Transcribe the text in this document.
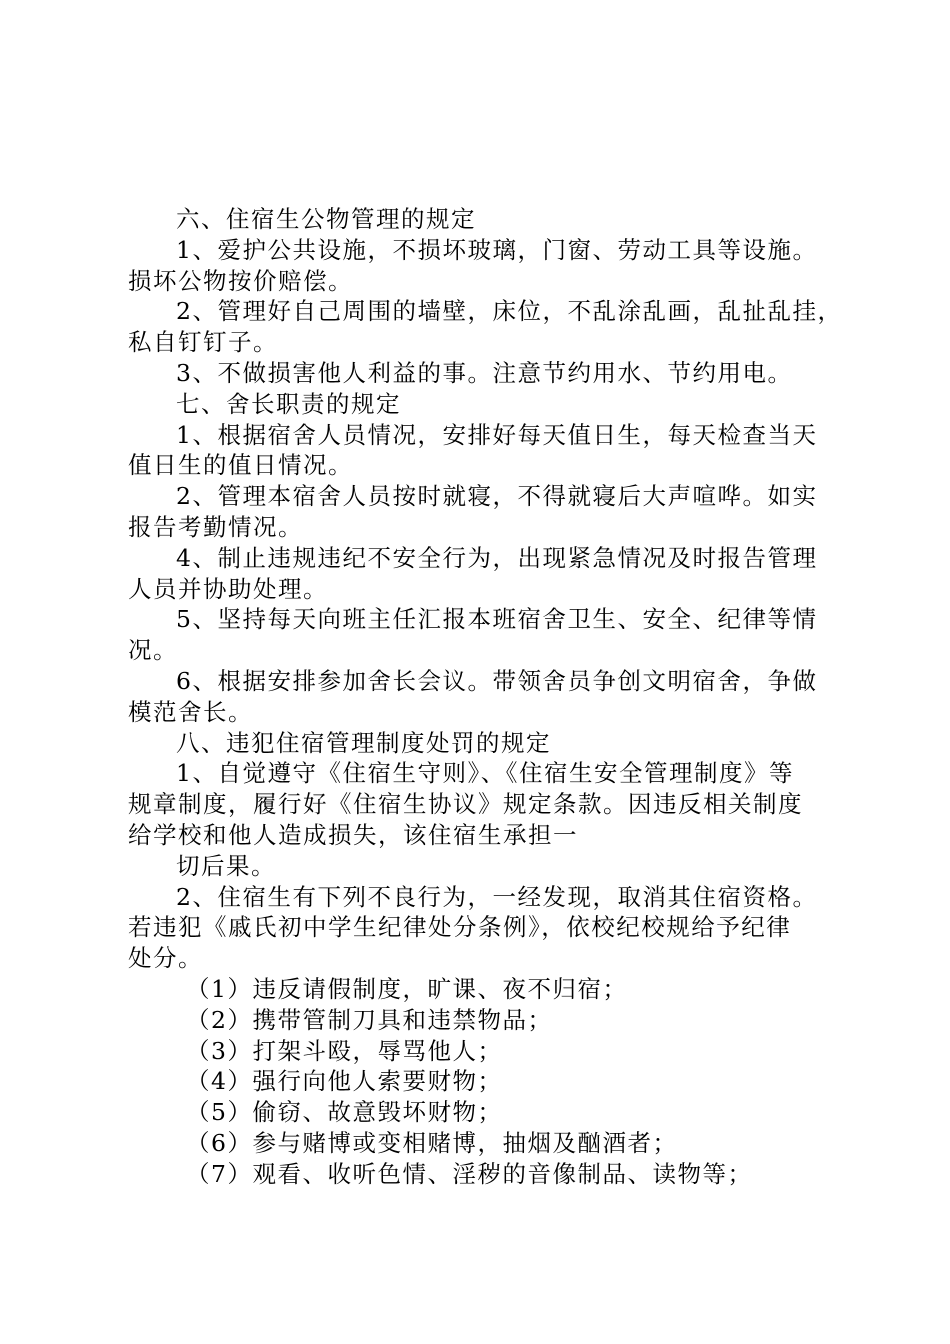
六、住宿生公物管理的规定
1、爱护公共设施，不损坏玻璃，门窗、劳动工具等设施。
损坏公物按价赔偿。
2、管理好自己周围的墙壁，床位，不乱涂乱画，乱扯乱挂，
私自钉钉子。
3、不做损害他人利益的事。注意节约用水、节约用电。
七、舍长职责的规定
1、根据宿舍人员情况，安排好每天值日生，每天检查当天
值日生的值日情况。
2、管理本宿舍人员按时就寝，不得就寝后大声喧哗。如实
报告考勤情况。
4、制止违规违纪不安全行为，出现紧急情况及时报告管理
人员并协助处理。
5、坚持每天向班主任汇报本班宿舍卫生、安全、纪律等情
况。
6、根据安排参加舍长会议。带领舍员争创文明宿舍，争做
模范舍长。
八、违犯住宿管理制度处罚的规定
1、自觉遵守《住宿生守则》、《住宿生安全管理制度》等
规章制度，履行好《住宿生协议》规定条款。因违反相关制度
给学校和他人造成损失，该住宿生承担一
切后果。
2、住宿生有下列不良行为，一经发现，取消其住宿资格。
若违犯《戚氏初中学生纪律处分条例》，依校纪校规给予纪律
处分。
（1）违反请假制度，旷课、夜不归宿；
（2）携带管制刀具和违禁物品；
（3）打架斗殴，辱骂他人；
（4）强行向他人索要财物；
（5）偷窃、故意毁坏财物；
（6）参与赌博或变相赌博，抽烟及酗酒者；
（7）观看、收听色情、淫秽的音像制品、读物等；
